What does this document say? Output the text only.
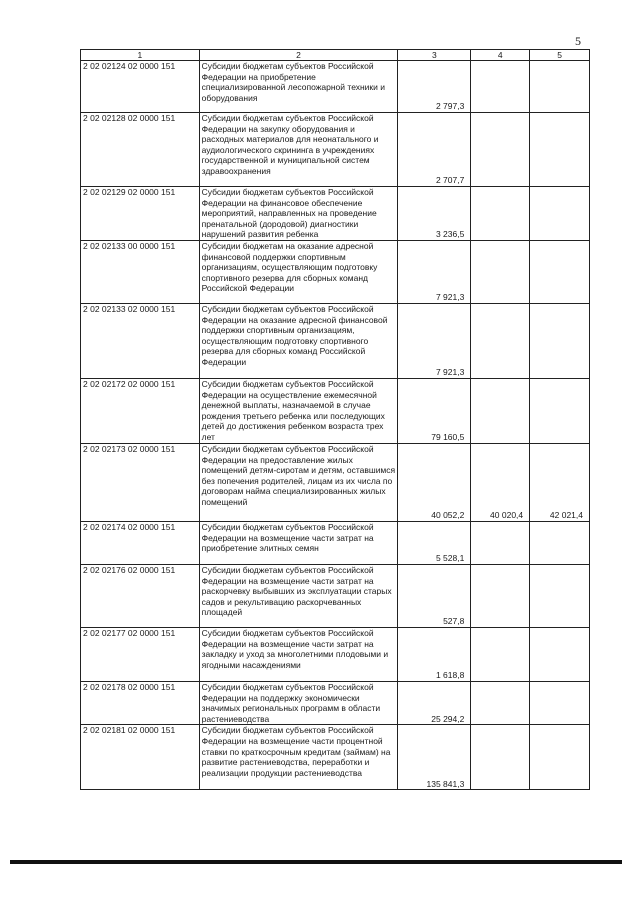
5
1	2	3	4	5
2 02 02124 02 0000 151	Субсидии бюджетам субъектов Российской Федерации на приобретение специализированной лесопожарной техники и оборудования	2 797,3		
2 02 02128 02 0000 151	Субсидии бюджетам субъектов Российской Федерации на закупку оборудования и расходных материалов для неонатального и аудиологического скрининга в учреждениях государственной и муниципальной систем здравоохранения	2 707,7		
2 02 02129 02 0000 151	Субсидии бюджетам субъектов Российской Федерации на финансовое обеспечение мероприятий, направленных на проведение пренатальной (дородовой) диагностики нарушений развития ребенка	3 236,5		
2 02 02133 00 0000 151	Субсидии бюджетам на оказание адресной финансовой поддержки спортивным организациям, осуществляющим подготовку спортивного резерва для сборных команд Российской Федерации	7 921,3		
2 02 02133 02 0000 151	Субсидии бюджетам субъектов Российской Федерации на оказание адресной финансовой поддержки спортивным организациям, осуществляющим подготовку спортивного резерва для сборных команд Российской Федерации	7 921,3		
2 02 02172 02 0000 151	Субсидии бюджетам субъектов Российской Федерации на осуществление ежемесячной денежной выплаты, назначаемой в случае рождения третьего ребенка или последующих детей до достижения ребенком возраста трех лет	79 160,5		
2 02 02173 02 0000 151	Субсидии бюджетам субъектов Российской Федерации на предоставление жилых помещений детям-сиротам и детям, оставшимся без попечения родителей, лицам из их числа по договорам найма специализированных жилых помещений	40 052,2	40 020,4	42 021,4
2 02 02174 02 0000 151	Субсидии бюджетам субъектов Российской Федерации на возмещение части затрат на приобретение элитных семян	5 528,1		
2 02 02176 02 0000 151	Субсидии бюджетам субъектов Российской Федерации на возмещение части затрат на раскорчевку выбывших из эксплуатации старых садов и рекультивацию раскорчеванных площадей	527,8		
2 02 02177 02 0000 151	Субсидии бюджетам субъектов Российской Федерации на возмещение части затрат на закладку и уход за многолетними плодовыми и ягодными насаждениями	1 618,8		
2 02 02178 02 0000 151	Субсидии бюджетам субъектов Российской Федерации на поддержку экономически значимых региональных программ в области растениеводства	25 294,2		
2 02 02181 02 0000 151	Субсидии бюджетам субъектов Российской Федерации на возмещение части процентной ставки по краткосрочным кредитам (займам) на развитие растениеводства, переработки и реализации продукции растениеводства	135 841,3		
